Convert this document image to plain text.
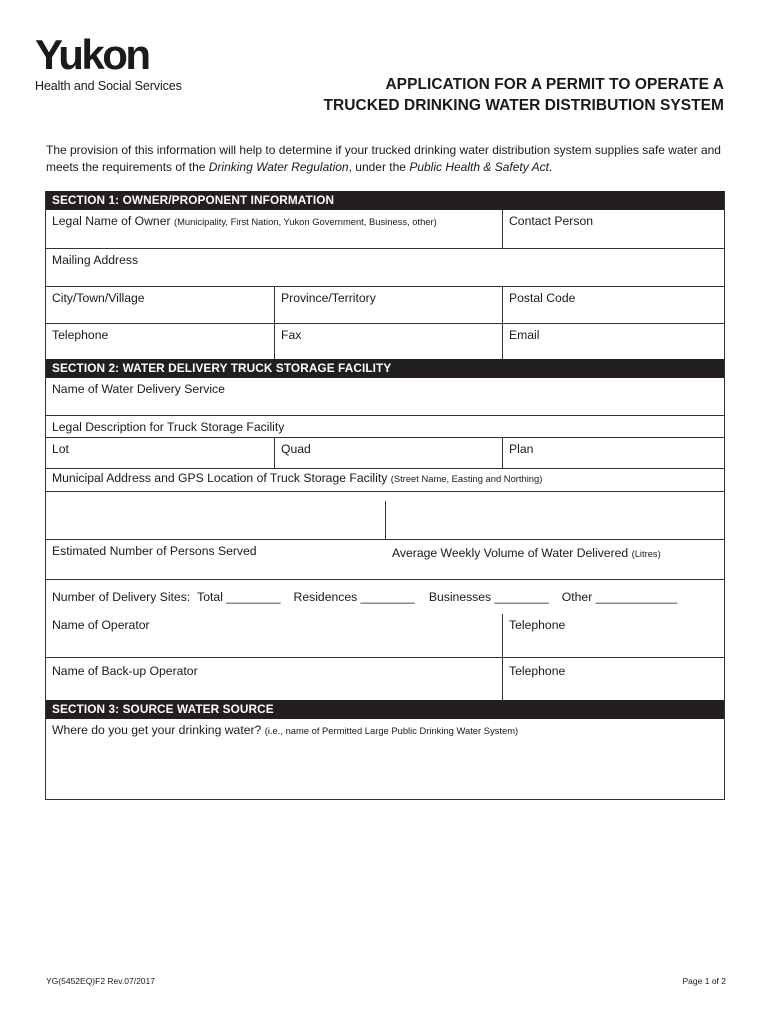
Yukon
Health and Social Services	APPLICATION FOR A PERMIT TO OPERATE A
TRUCKED DRINKING WATER DISTRIBUTION SYSTEM
The provision of this information will help to determine if your trucked drinking water distribution system supplies safe water and meets the requirements of the Drinking Water Regulation, under the Public Health & Safety Act.
SECTION 1: OWNER/PROPONENT INFORMATION
Legal Name of Owner (Municipality, First Nation, Yukon Government, Business, other)	Contact Person
Mailing Address
City/Town/Village	Province/Territory	Postal Code
Telephone	Fax	Email
SECTION 2: WATER DELIVERY TRUCK STORAGE FACILITY
Name of Water Delivery Service
Legal Description for Truck Storage Facility
Lot	Quad	Plan
Municipal Address and GPS Location of Truck Storage Facility (Street Name, Easting and Northing)
Estimated Number of Persons Served	Average Weekly Volume of Water Delivered (Litres)
Number of Delivery Sites: Total ________ Residences ________ Businesses ________ Other ____________
Name of Operator	Telephone
Name of Back-up Operator	Telephone
SECTION 3: SOURCE WATER SOURCE
Where do you get your drinking water? (i.e., name of Permitted Large Public Drinking Water System)
YG(5452EQ)F2 Rev.07/2017	Page 1 of 2
